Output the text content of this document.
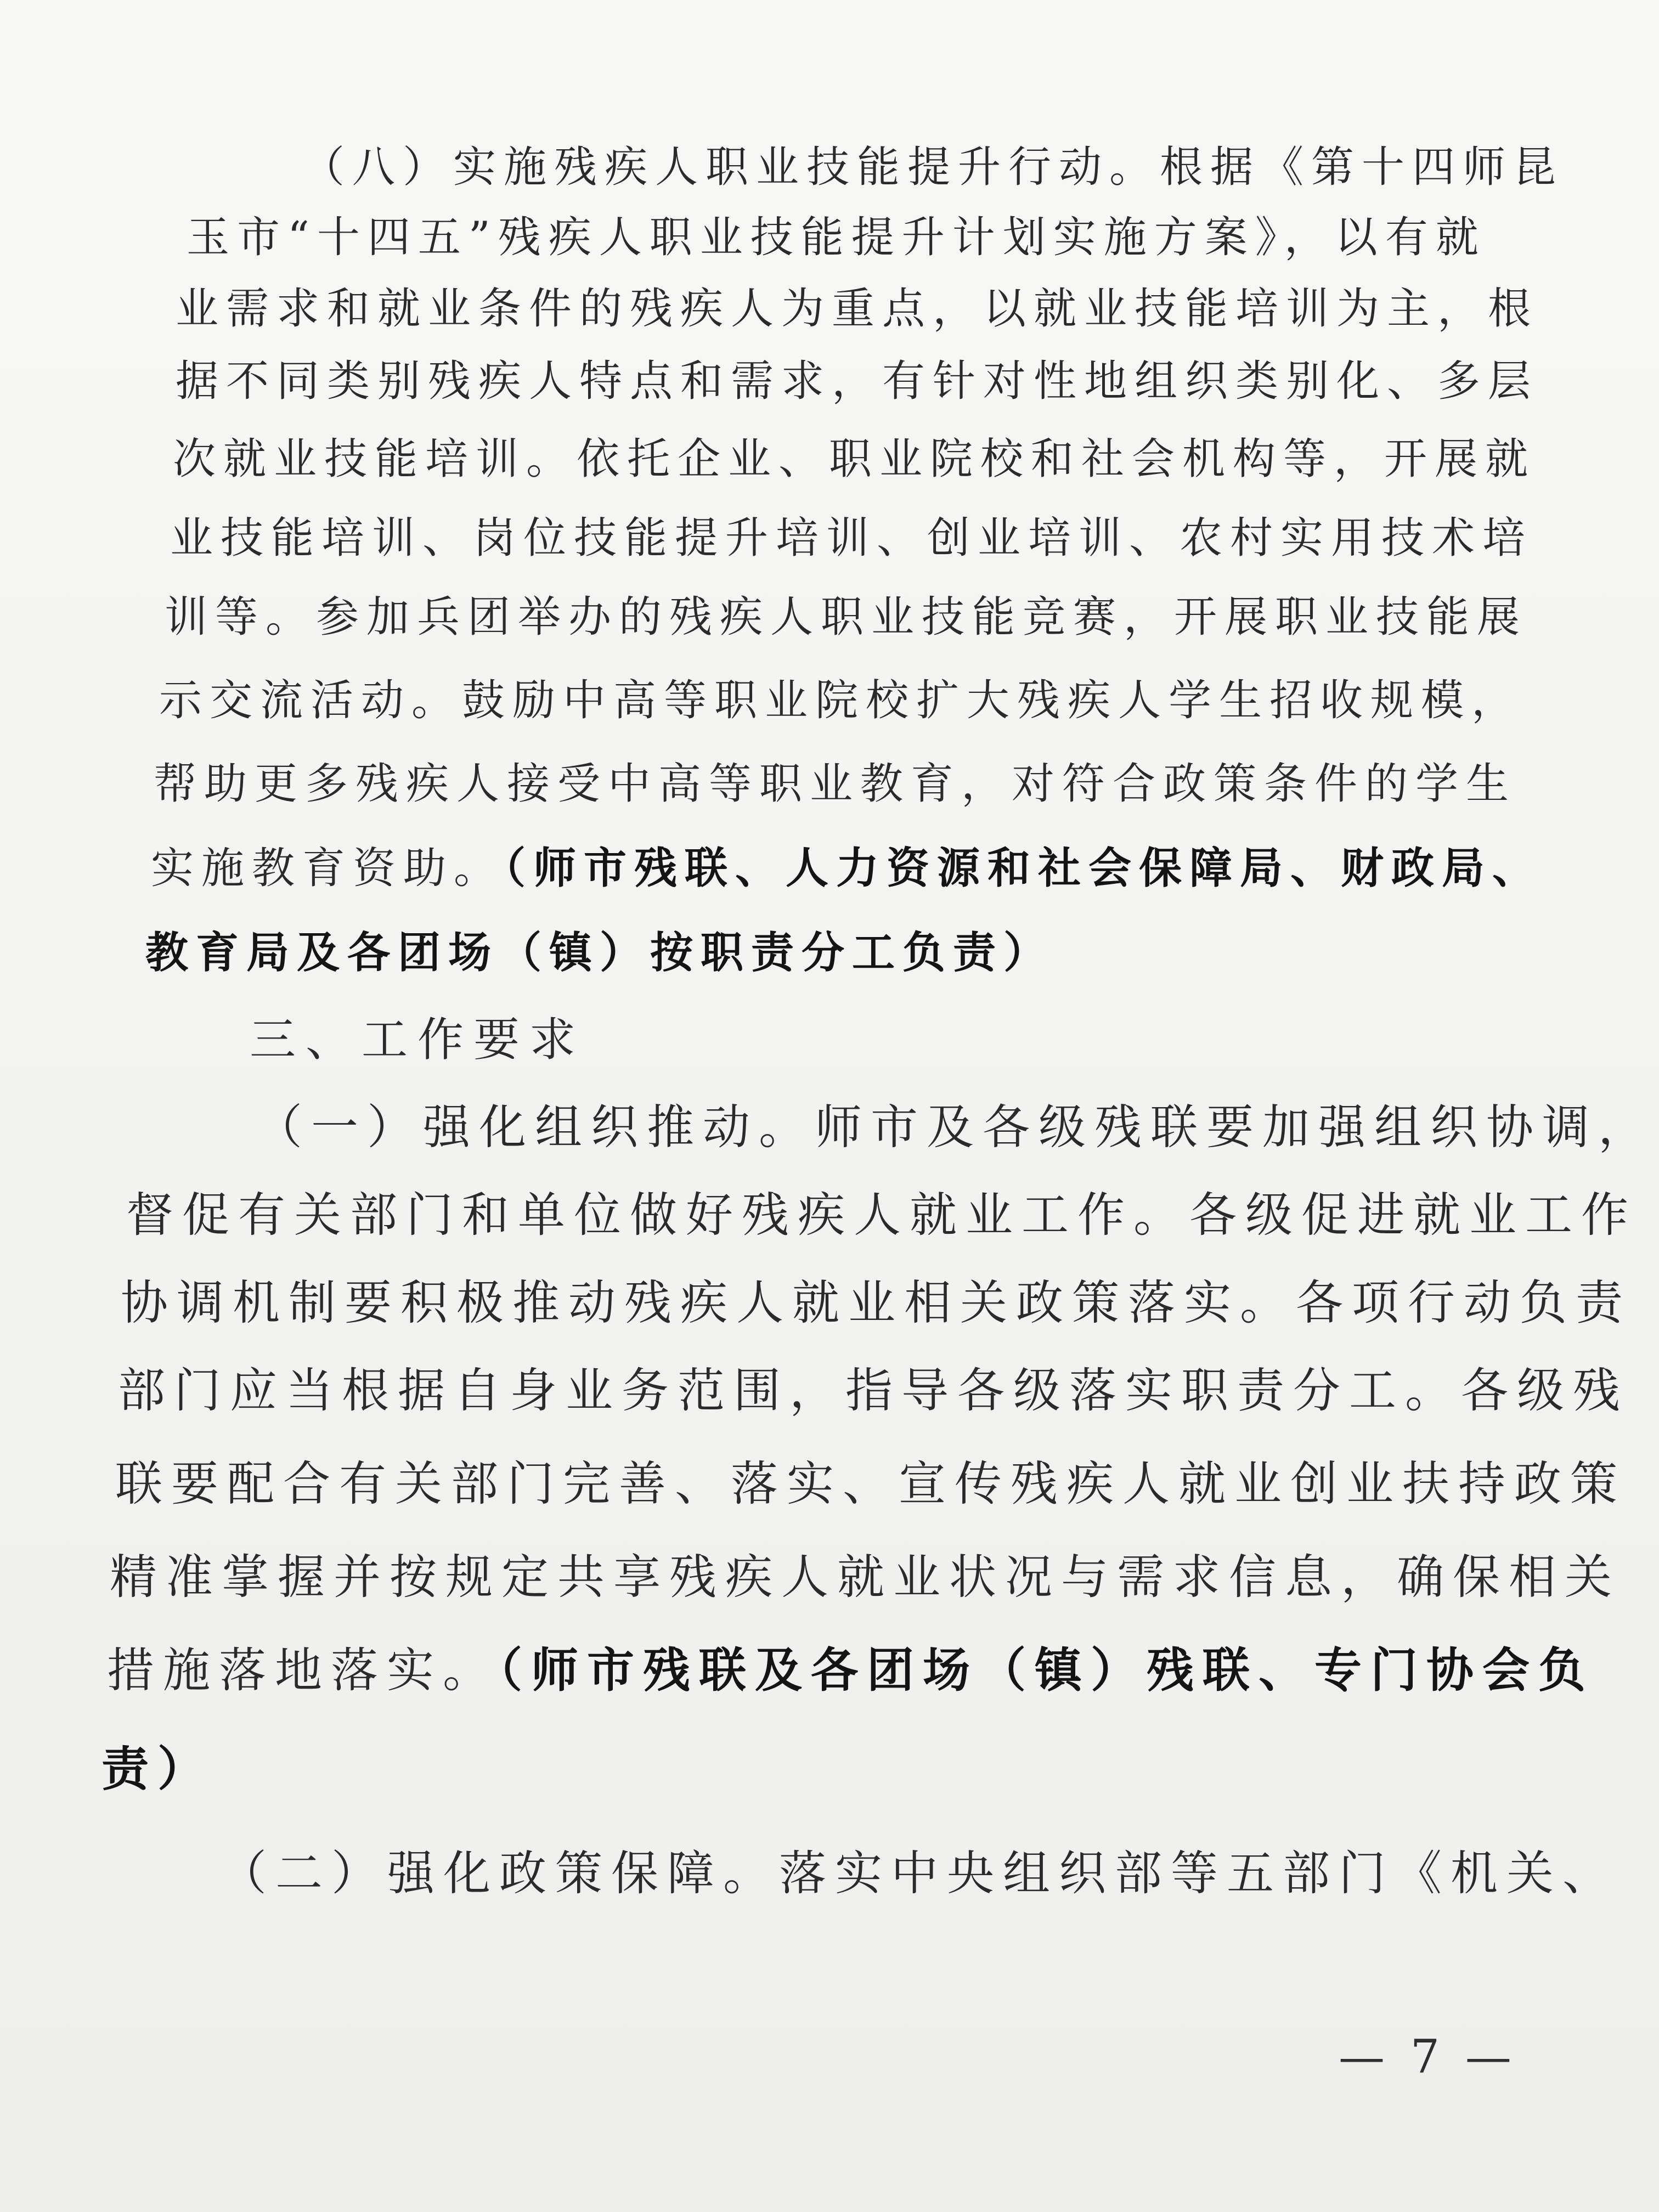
（八）实施残疾人职业技能提升行动。根据《第十四师昆
玉市“十四五”残疾人职业技能提升计划实施方案》，以有就
业需求和就业条件的残疾人为重点，以就业技能培训为主，根
据不同类别残疾人特点和需求，有针对性地组织类别化、多层
次就业技能培训。依托企业、职业院校和社会机构等，开展就
业技能培训、岗位技能提升培训、创业培训、农村实用技术培
训等。参加兵团举办的残疾人职业技能竞赛，开展职业技能展
示交流活动。鼓励中高等职业院校扩大残疾人学生招收规模，
帮助更多残疾人接受中高等职业教育，对符合政策条件的学生
实施教育资助。（师市残联、人力资源和社会保障局、财政局、
教育局及各团场（镇）按职责分工负责）
三、工作要求
（一）强化组织推动。师市及各级残联要加强组织协调，
督促有关部门和单位做好残疾人就业工作。各级促进就业工作
协调机制要积极推动残疾人就业相关政策落实。各项行动负责
部门应当根据自身业务范围，指导各级落实职责分工。各级残
联要配合有关部门完善、落实、宣传残疾人就业创业扶持政策
精准掌握并按规定共享残疾人就业状况与需求信息，确保相关
措施落地落实。（师市残联及各团场（镇）残联、专门协会负
责）
（二）强化政策保障。落实中央组织部等五部门《机关、
— 7 —
